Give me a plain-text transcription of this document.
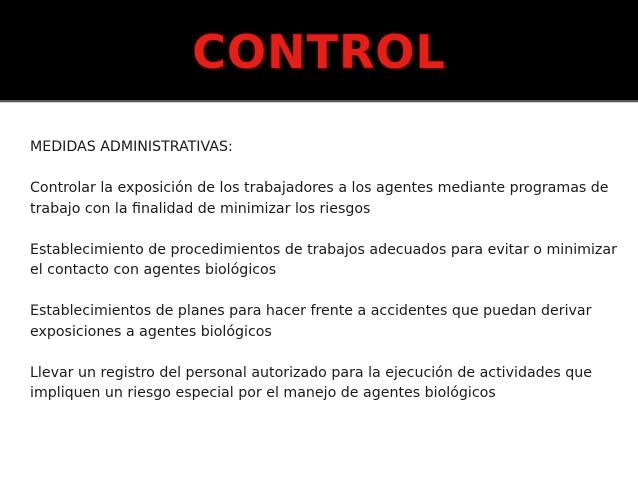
CONTROL

MEDIDAS ADMINISTRATIVAS:

Controlar la exposición de los trabajadores a los agentes mediante programas de trabajo con la finalidad de minimizar los riesgos

Establecimiento de procedimientos de trabajos adecuados para evitar o minimizar el contacto con agentes biológicos

Establecimientos de planes para hacer frente a accidentes que puedan derivar exposiciones a agentes biológicos

Llevar un registro del personal autorizado para la ejecución de actividades que impliquen un riesgo especial por el manejo de agentes biológicos
